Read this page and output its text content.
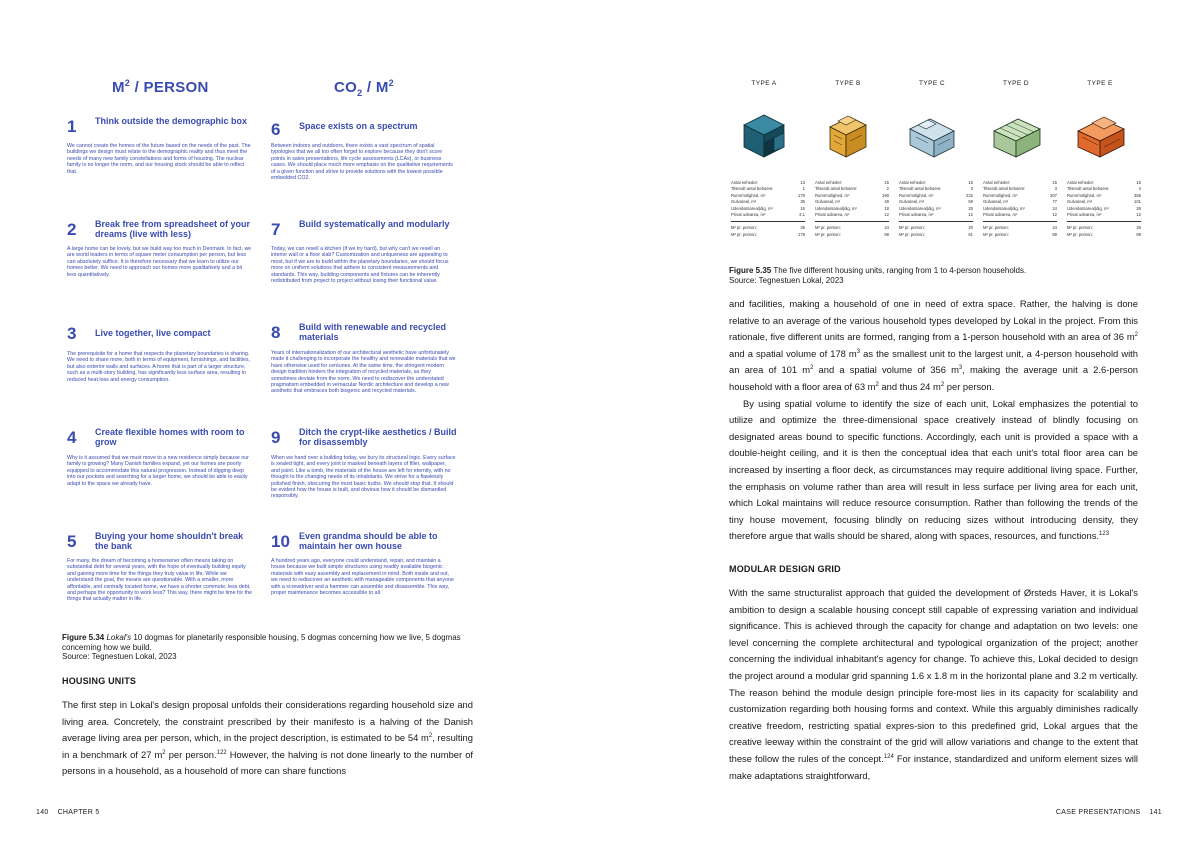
$M^2$ / PERSON	$CO_2 / M^2$
1 Think outside the demographic box
We cannot create the homes of the future based on the needs of the past. The buildings we design must relate to the demographic reality and thus meet the needs of many new family constellations and forms of housing. The nuclear family is no longer the norm, and our housing stock should be able to reflect that.
2 Break free from spreadsheet of your dreams (live with less)
A large home can be lovely, but we build way too much in Denmark. In fact, we are world leaders in terms of square meter consumption per person, but less can absolutely suffice. It is therefore necessary that we learn to utilize our homes better. We need to approach our homes more qualitatively and a bit less quantitatively.
3 Live together, live compact
The prerequisite for a home that respects the planetary boundaries is sharing. We need to share more, both in terms of equipment, furnishings, and facilities, but also exterior walls and surfaces. A home that is part of a larger structure, such as a multi-story building, has significantly less surface area, resulting in reduced heat loss and energy consumption.
4 Create flexible homes with room to grow
Why is it assumed that we must move to a new residence simply because our family is growing? Many Danish families expand, yet our homes are poorly equipped to accommodate this natural progression. Instead of digging deep into our pockets and searching for a larger home, we should be able to easily adapt to the space we already have.
5 Buying your home shouldn't break the bank
For many, the dream of becoming a homeowner often means taking on substantial debt for several years, with the hope of eventually building equity and gaining more time for the things they truly value in life. While we understand the goal, the means are questionable. With a smaller, more affordable, and centrally located home, we have a shorter commute, less debt, and perhaps the opportunity to work less? This way, there might be time for the things that actually matter in life.
6 Space exists on a spectrum
Between indoors and outdoors, there exists a vast spectrum of spatial typologies that we all too often forget to explore because they don't score points in sales presentations, life cycle assessments (LCAs), or business cases. We should place much more emphasis on the qualitative requirements of a given function and strive to provide solutions with the lowest possible embedded CO2.
7 Build systematically and modularly
Today, we can resell a kitchen (if we try hard), but why can't we resell an interior wall or a floor slab? Customization and uniqueness are appealing to most, but if we are to build within the planetary boundaries, we should focus more on uniform solutions that adhere to consistent measurements and standards. This way, building components and fixtures can be inherently redistributed from project to project without losing their functional value.
8 Build with renewable and recycled materials
Years of internationalization of our architectural aesthetic have unfortunately made it challenging to incorporate the healthy and renewable materials that we have otherwise used for centuries. At the same time, the stringent modern design tradition hinders the integration of recycled materials, as they sometimes deviate from the norm. We need to rediscover the understated pragmatism embedded in vernacular Nordic architecture and develop a new aesthetic that embraces both biogenic and recycled materials.
9 Ditch the crypt-like aesthetics / Build for disassembly
When we hand over a building today, we bury its structural logic. Every surface is sealed tight, and every joint is masked beneath layers of filler, wallpaper, and paint. Like a tomb, the materials of the house are left for eternity, with no thought to the changing needs of its inhabitants. We strive for a flawlessly polished finish, obscuring the most basic truths. We should stop that. It should be evident how the house is built, and obvious how it should be dismantled responsibly.
10 Even grandma should be able to maintain her own house
A hundred years ago, everyone could understand, repair, and maintain a house because we built simple structures using readily available biogenic materials with easy assembly and replacement in mind. Both inside and out, we need to rediscover an aesthetic with manageable components that anyone with a screwdriver and a hammer can assemble and disassemble. This way, proper maintenance becomes accessible to all.
Figure 5.34 Lokal's 10 dogmas for planetarily responsible housing, 5 dogmas concerning how we live, 5 dogmas concerning how we build.
Source: Tegnestuen Lokal, 2023
HOUSING UNITS

The first step in Lokal's design proposal unfolds their considerations regarding household size and living area. Concretely, the constraint prescribed by their manifesto is a halving of the Danish average living area per person, which, in the project description, is estimated to be 54 $m^2$, resulting in a benchmark of 27 $m^2$ per person.$^{122}$ However, the halving is not done linearly to the number of persons in a household, as a household of more can share functions

140 CHAPTER 5
TYPE A	TYPE B	TYPE C	TYPE D	TYPE E
Antal enheder:	13
Tilsendt antal beboere:	1
Rumrmolighed, m³	178
Gulvareal, m²	36
Udendørsareal(dig, m²	16
Privat udearea, m²	3.1
M² pr. person:	36
M³ pr. person:	178
Antal enheder:	15
Tilsendt antal beboere:	2
Rumrmolighed, m³	190
Gulvareal, m²	49
Udendørsareal(dig, m²	18
Privat udearea, m²	12
M² pr. person:	24
M³ pr. person:	98
Antal enheder:	15
Tilsendt antal beboere:	3
Rumrmolighed, m³	232
Gulvareal, m²	59
Udendørsareal(dig, m²	25
Privat udearea, m²	12
M² pr. person:	20
M³ pr. person:	81
Antal enheder:	15
Tilsendt antal beboere:	3
Rumrmolighed, m³	307
Gulvareal, m²	77
Udendørsareal(dig, m²	24
Privat udearea, m²	12
M² pr. person:	24
M³ pr. person:	89
Antal enheder:	15
Tilsendt antal beboere:	4
Rumrmolighed, m³	356
Gulvareal, m²	101
Udendørsareal(dig, m²	26
Privat udearea, m²	12
M² pr. person:	25
M³ pr. person:	89
Figure 5.35 The five different housing units, ranging from 1 to 4-person households.
Source: Tegnestuen Lokal, 2023

and facilities, making a household of one in need of extra space. Rather, the halving is done relative to an average of the various household types developed by Lokal in the project. From this rationale, five different units are formed, ranging from a 1-person household with an area of 36 $m^2$ and a spatial volume of 178 $m^3$ as the smallest unit to the largest unit, a 4-person household with an area of 101 $m^2$ and a spatial volume of 356 $m^3$, making the average unit a 2.6-person household with a floor area of 63 $m^2$ and thus 24 $m^2$ per person.

By using spatial volume to identify the size of each unit, Lokal emphasizes the potential to utilize and optimize the three-dimensional space creatively instead of blindly focusing on designated areas bound to specific functions. Accordingly, each unit is provided a space with a double-height ceiling, and it is then the conceptual idea that each unit's total floor area can be increased by inserting a floor deck, as circumstances may require additional living space. Further, the emphasis on volume rather than area will result in less surface per living area for each unit, which Lokal maintains will reduce resource consumption. Rather than following the trends of the tiny house movement, focusing blindly on reducing sizes without introducing density, they therefore argue that walls should be shared, along with spaces, resources, and functions.$^{123}$

MODULAR DESIGN GRID

With the same structuralist approach that guided the development of Ørsteds Haver, it is Lokal's ambition to design a scalable housing concept still capable of expressing variation and individual significance. This is achieved through the capacity for change and adaptation on two levels: one level concerning the complete architectural and typological organization of the project; another concerning the individual inhabitant's agency for change. To achieve this, Lokal decided to design the project around a modular grid spanning 1.6 x 1.8 m in the horizontal plane and 3.2 m vertically. The reason behind the module design principle fore-most lies in its capacity for scalability and customization regarding both housing forms and context. While this arguably diminishes radically creative freedom, restricting spatial expres-sion to this predefined grid, Lokal argues that the creative leeway within the constraint of the grid will allow variations and change to the extent that these follow the rules of the concept.$^{124}$ For instance, standardized and uniform element sizes will make adaptations straightforward,

CASE PRESENTATIONS 141
